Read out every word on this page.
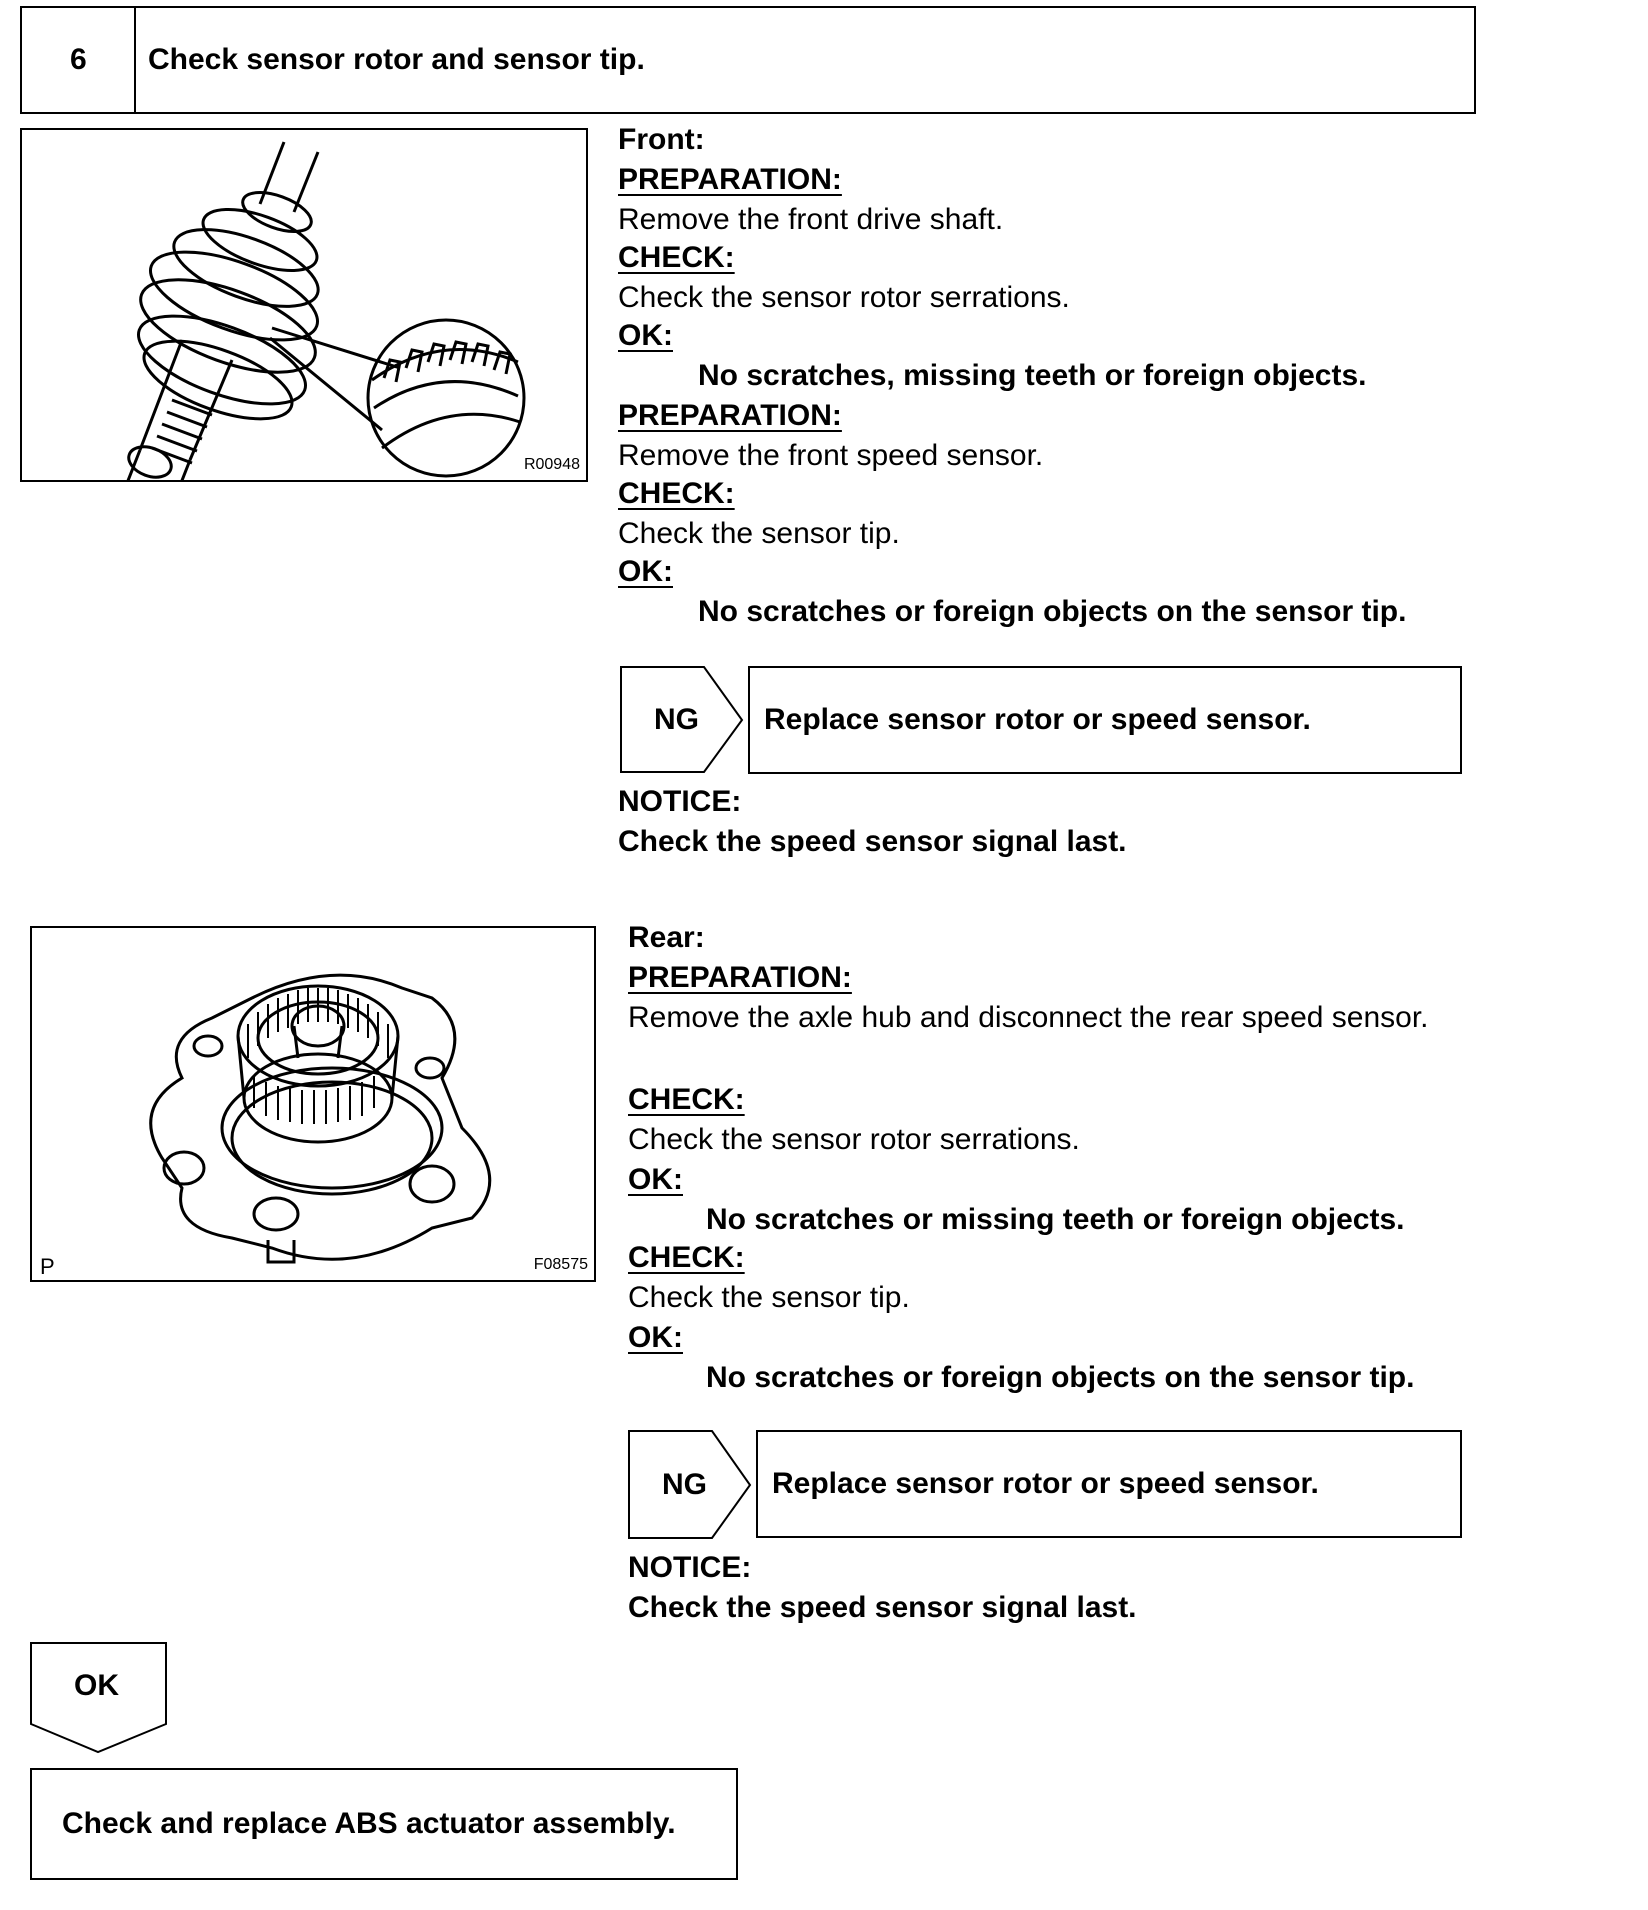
6 Check sensor rotor and sensor tip.
R00948
Front:
PREPARATION:
Remove the front drive shaft.
CHECK:
Check the sensor rotor serrations.
OK:
No scratches, missing teeth or foreign objects.
PREPARATION:
Remove the front speed sensor.
CHECK:
Check the sensor tip.
OK:
No scratches or foreign objects on the sensor tip.
NG Replace sensor rotor or speed sensor.
NOTICE:
Check the speed sensor signal last.
P	F08575
Rear:
PREPARATION:
Remove the axle hub and disconnect the rear speed sensor.
CHECK:
Check the sensor rotor serrations.
OK:
No scratches or missing teeth or foreign objects.
CHECK:
Check the sensor tip.
OK:
No scratches or foreign objects on the sensor tip.
NG Replace sensor rotor or speed sensor.
NOTICE:
Check the speed sensor signal last.
OK
Check and replace ABS actuator assembly.
